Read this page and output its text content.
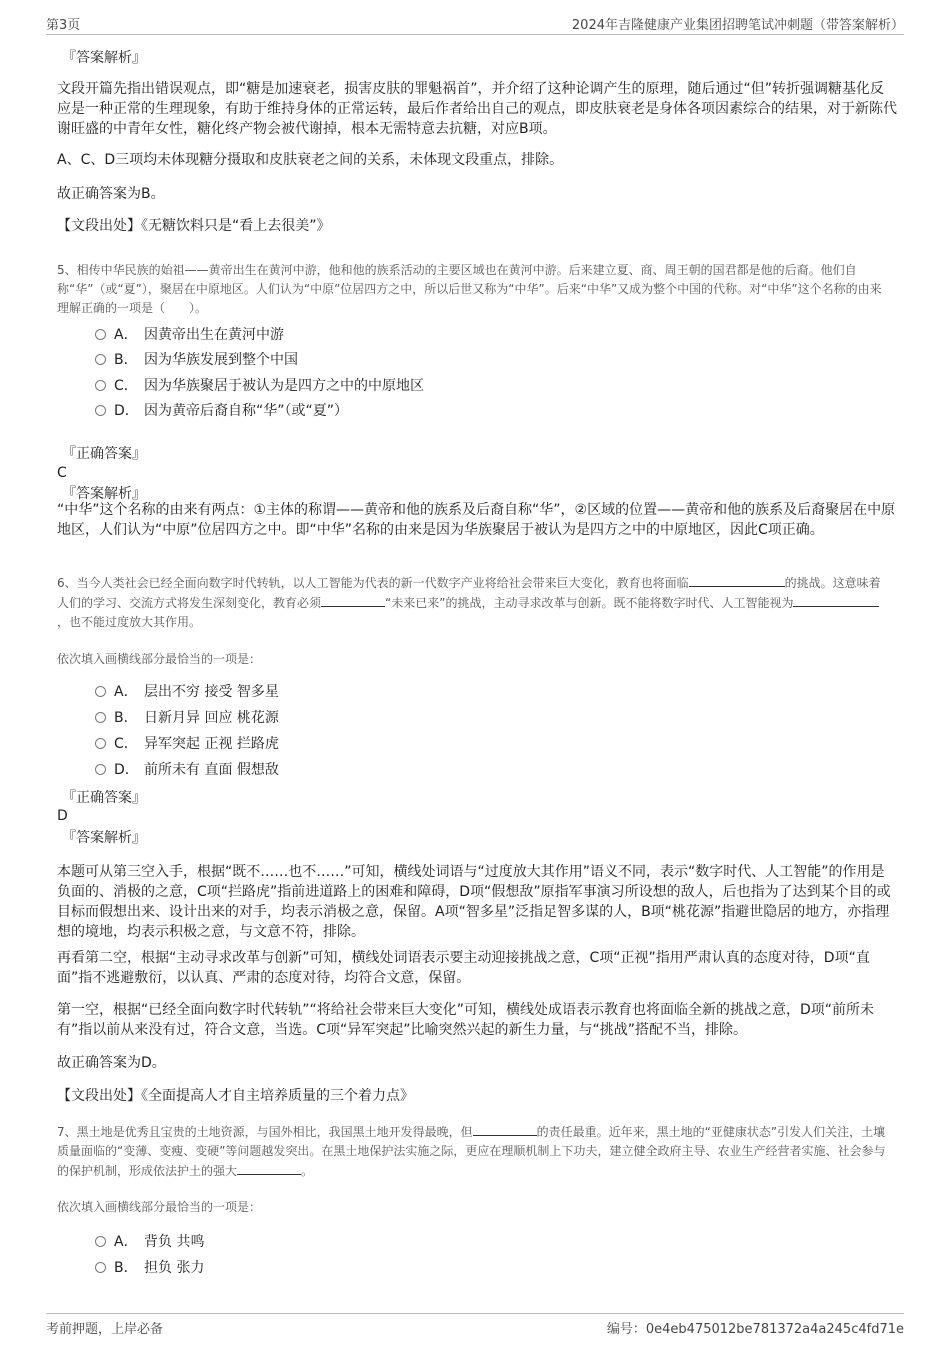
第3页	2024年吉隆健康产业集团招聘笔试冲刺题（带答案解析）
『答案解析』

文段开篇先指出错误观点，即“糖是加速衰老，损害皮肤的罪魁祸首”，并介绍了这种论调产生的原理，随后通过“但”转折强调糖基化反应是一种正常的生理现象，有助于维持身体的正常运转，最后作者给出自己的观点，即皮肤衰老是身体各项因素综合的结果，对于新陈代谢旺盛的中青年女性，糖化终产物会被代谢掉，根本无需特意去抗糖，对应B项。

A、C、D三项均未体现糖分摄取和皮肤衰老之间的关系，未体现文段重点，排除。

故正确答案为B。

【文段出处】《无糖饮料只是“看上去很美”》

5、相传中华民族的始祖——黄帝出生在黄河中游，他和他的族系活动的主要区域也在黄河中游。后来建立夏、商、周王朝的国君都是他的后裔。他们自称“华”（或“夏”），聚居在中原地区。人们认为“中原”位居四方之中，所以后世又称为“中华”。后来“中华”又成为整个中国的代称。对“中华”这个名称的由来理解正确的一项是（　　）。

A． 因黄帝出生在黄河中游
B． 因为华族发展到整个中国
C． 因为华族聚居于被认为是四方之中的中原地区
D． 因为黄帝后裔自称“华”（或“夏”）
『正确答案』
C
『答案解析』

“中华”这个名称的由来有两点：①主体的称谓——黄帝和他的族系及后裔自称“华”，②区域的位置——黄帝和他的族系及后裔聚居在中原地区，人们认为“中原”位居四方之中。即“中华”名称的由来是因为华族聚居于被认为是四方之中的中原地区，因此C项正确。

6、当今人类社会已经全面向数字时代转轨，以人工智能为代表的新一代数字产业将给社会带来巨大变化，教育也将面临	的挑战。这意味着人们的学习、交流方式将发生深刻变化，教育必须	“未来已来”的挑战，主动寻求改革与创新。既不能将数字时代、人工智能视为，也不能过度放大其作用。

依次填入画横线部分最恰当的一项是：

A． 层出不穷 接受 智多星
B． 日新月异 回应 桃花源
C． 异军突起 正视 拦路虎
D． 前所未有 直面 假想敌
『正确答案』
D
『答案解析』

本题可从第三空入手，根据“既不……也不……”可知，横线处词语与“过度放大其作用”语义不同，表示“数字时代、人工智能”的作用是负面的、消极的之意，C项“拦路虎”指前进道路上的困难和障碍，D项“假想敌”原指军事演习所设想的敌人，后也指为了达到某个目的或目标而假想出来、设计出来的对手，均表示消极之意，保留。A项“智多星”泛指足智多谋的人，B项“桃花源”指避世隐居的地方，亦指理想的境地，均表示积极之意，与文意不符，排除。

再看第二空，根据“主动寻求改革与创新”可知，横线处词语表示要主动迎接挑战之意，C项“正视”指用严肃认真的态度对待，D项“直面”指不逃避敷衍，以认真、严肃的态度对待，均符合文意，保留。

第一空，根据“已经全面向数字时代转轨”“将给社会带来巨大变化”可知，横线处成语表示教育也将面临全新的挑战之意，D项“前所未有”指以前从来没有过，符合文意，当选。C项“异军突起”比喻突然兴起的新生力量，与“挑战”搭配不当，排除。

故正确答案为D。

【文段出处】《全面提高人才自主培养质量的三个着力点》

7、黑土地是优秀且宝贵的土地资源，与国外相比，我国黑土地开发得最晚，但	的责任最重。近年来，黑土地的“亚健康状态”引发人们关注，土壤质量面临的“变薄、变瘦、变硬”等问题越发突出。在黑土地保护法实施之际，更应在理顺机制上下功夫，建立健全政府主导、农业生产经营者实施、社会参与的保护机制，形成依法护土的强大	。

依次填入画横线部分最恰当的一项是：

A． 背负 共鸣
B． 担负 张力
考前押题，上岸必备	编号：0e4eb475012be781372a4a245c4fd71e
